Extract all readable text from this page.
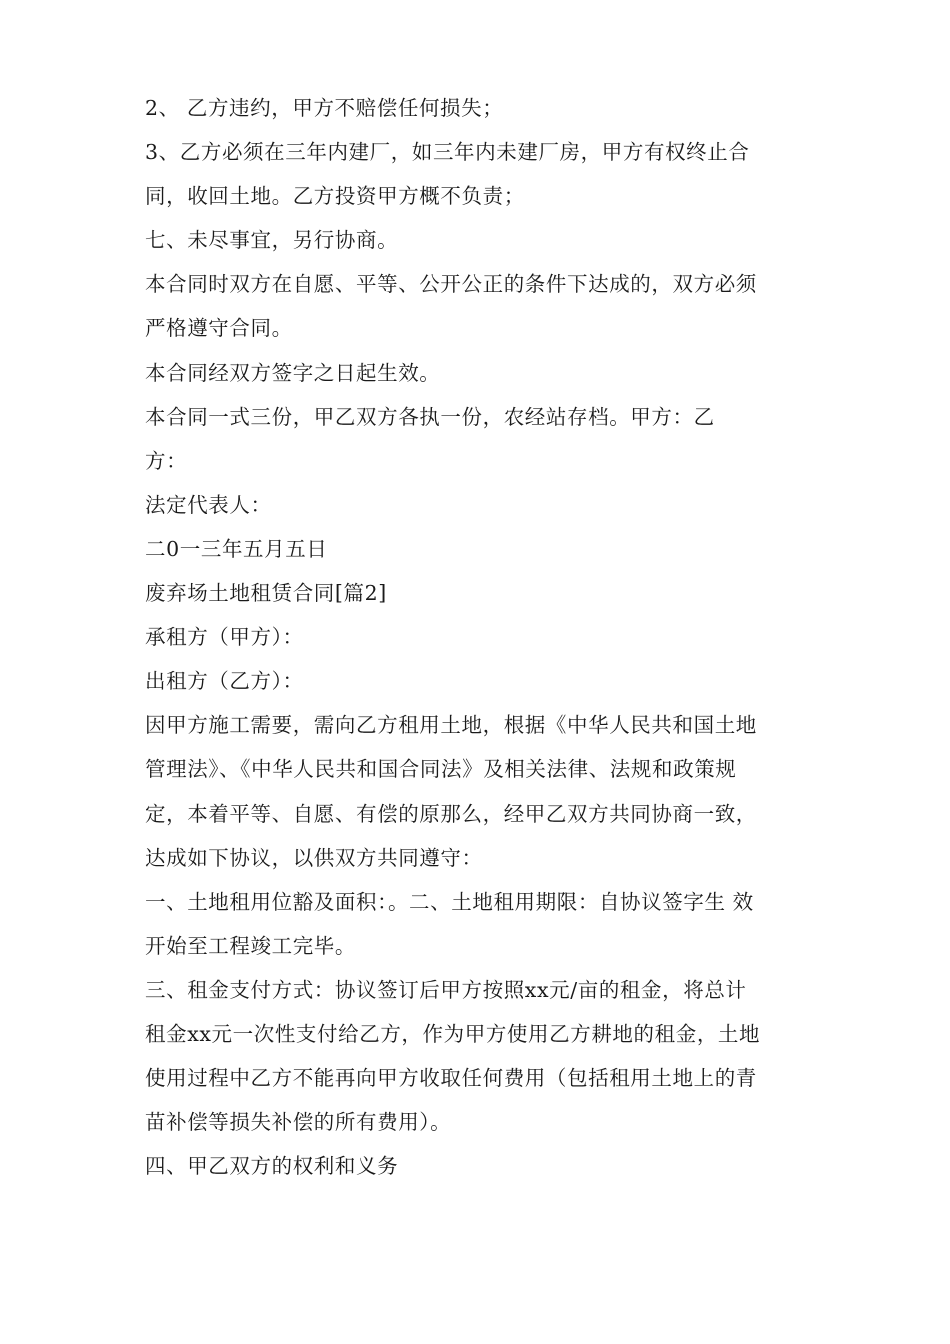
2、 乙方违约，甲方不赔偿任何损失；
3、乙方必须在三年内建厂，如三年内未建厂房，甲方有权终止合
同，收回土地。乙方投资甲方概不负责；
七、未尽事宜，另行协商。
本合同时双方在自愿、平等、公开公正的条件下达成的，双方必须
严格遵守合同。
本合同经双方签字之日起生效。
本合同一式三份，甲乙双方各执一份，农经站存档。甲方：乙
方：
法定代表人：
二0一三年五月五日
废弃场土地租赁合同[篇2]
承租方（甲方）：
出租方（乙方）：
因甲方施工需要，需向乙方租用土地，根据《中华人民共和国土地
管理法》、《中华人民共和国合同法》及相关法律、法规和政策规
定，本着平等、自愿、有偿的原那么，经甲乙双方共同协商一致，
达成如下协议，以供双方共同遵守：
一、土地租用位豁及面积：。二、土地租用期限：自协议签字生 效
开始至工程竣工完毕。
三、租金支付方式：协议签订后甲方按照xx元/亩的租金，将总计
租金xx元一次性支付给乙方，作为甲方使用乙方耕地的租金，土地
使用过程中乙方不能再向甲方收取任何费用（包括租用土地上的青
苗补偿等损失补偿的所有费用）。
四、甲乙双方的权利和义务
